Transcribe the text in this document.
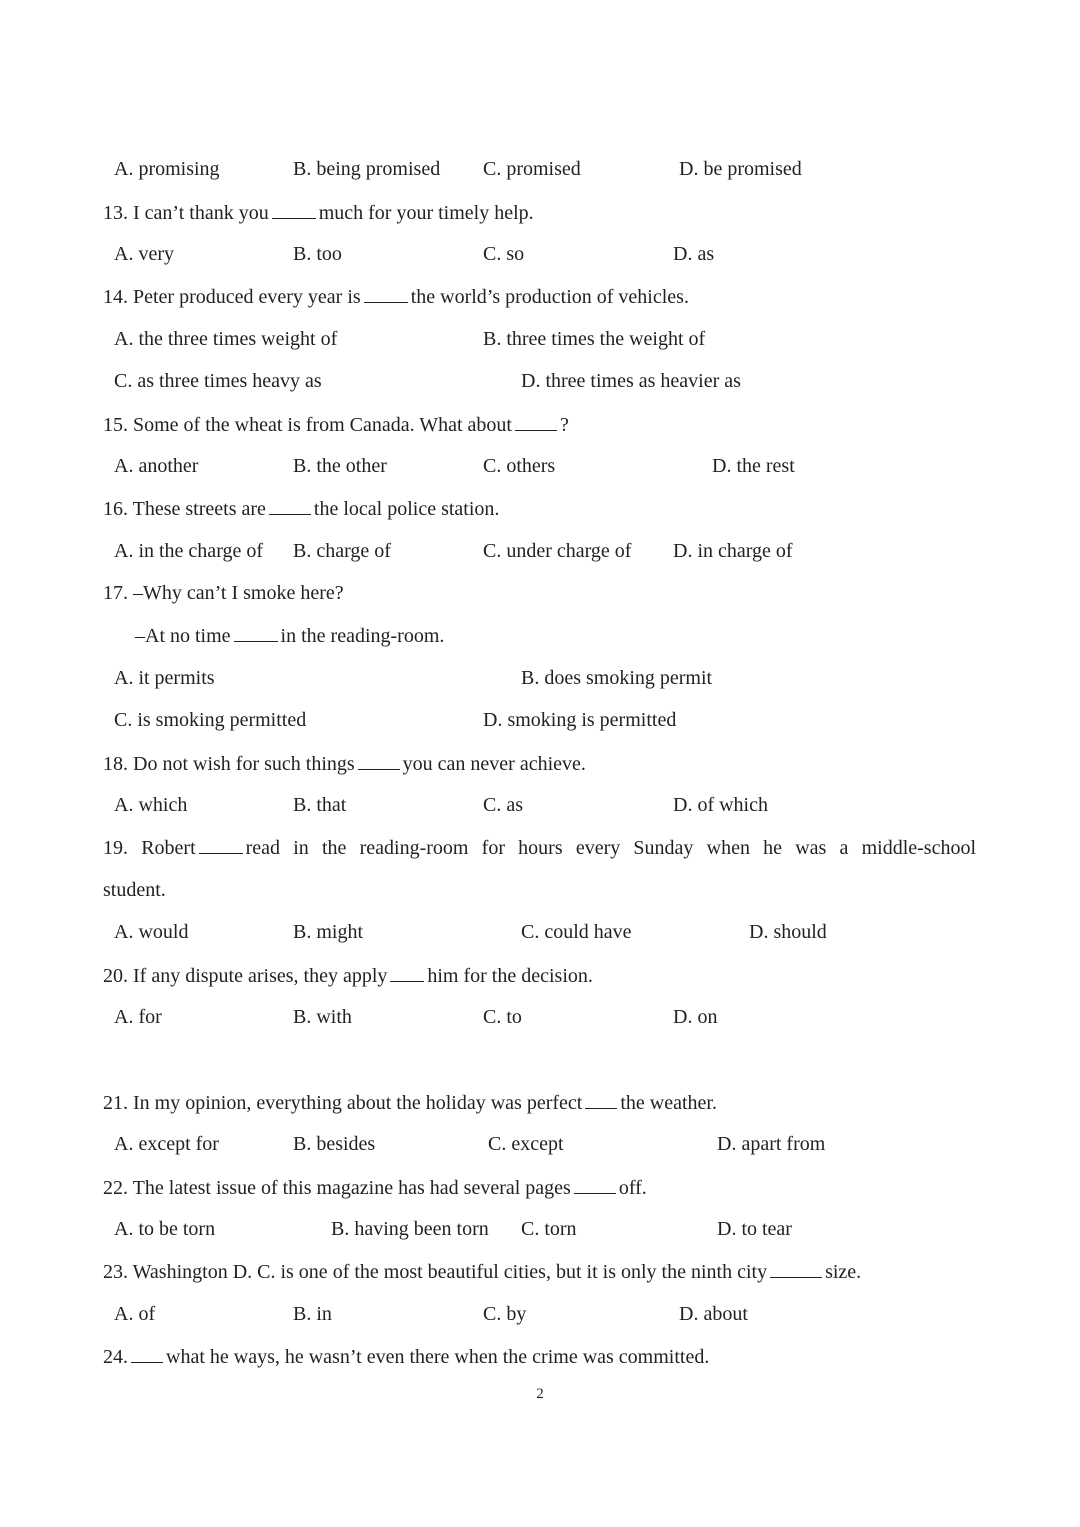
A. promising	B. being promised C. promised	D. be promised
13. I can’t thank you	much for your timely help.
A. very	B. too	C. so	D. as
14. Peter produced every year is	the world’s production of vehicles.
A. the three times weight of	B. three times the weight of
C. as three times heavy as	D. three times as heavier as
15. Some of the wheat is from Canada. What about ?
A. another	B. the other	C. others	D. the rest
16. These streets are the local police station.
A. in the charge of B. charge of	C. under charge of D. in charge of
17. –Why can’t I smoke here?
–At no time	in the reading-room.
A. it permits	B. does smoking permit
C. is smoking permitted	D. smoking is permitted
18. Do not wish for such things you can never achieve.
A. which	B. that	C. as	D. of which
19. Robert	read in the reading-room for hours every Sunday when he was a middle-school
student.
A. would	B. might	C. could have	D. should
20. If any dispute arises, they apply him for the decision.
A. for	B. with	C. to	D. on
21. In my opinion, everything about the holiday was perfect the weather.
A. except for	B. besides	C. except	D. apart from
22. The latest issue of this magazine has had several pages off.
A. to be torn	B. having been torn C. torn	D. to tear
23. Washington D. C. is one of the most beautiful cities, but it is only the ninth city	size.
A. of	B. in	C. by	D. about
24. what he ways, he wasn’t even there when the crime was committed.
2
